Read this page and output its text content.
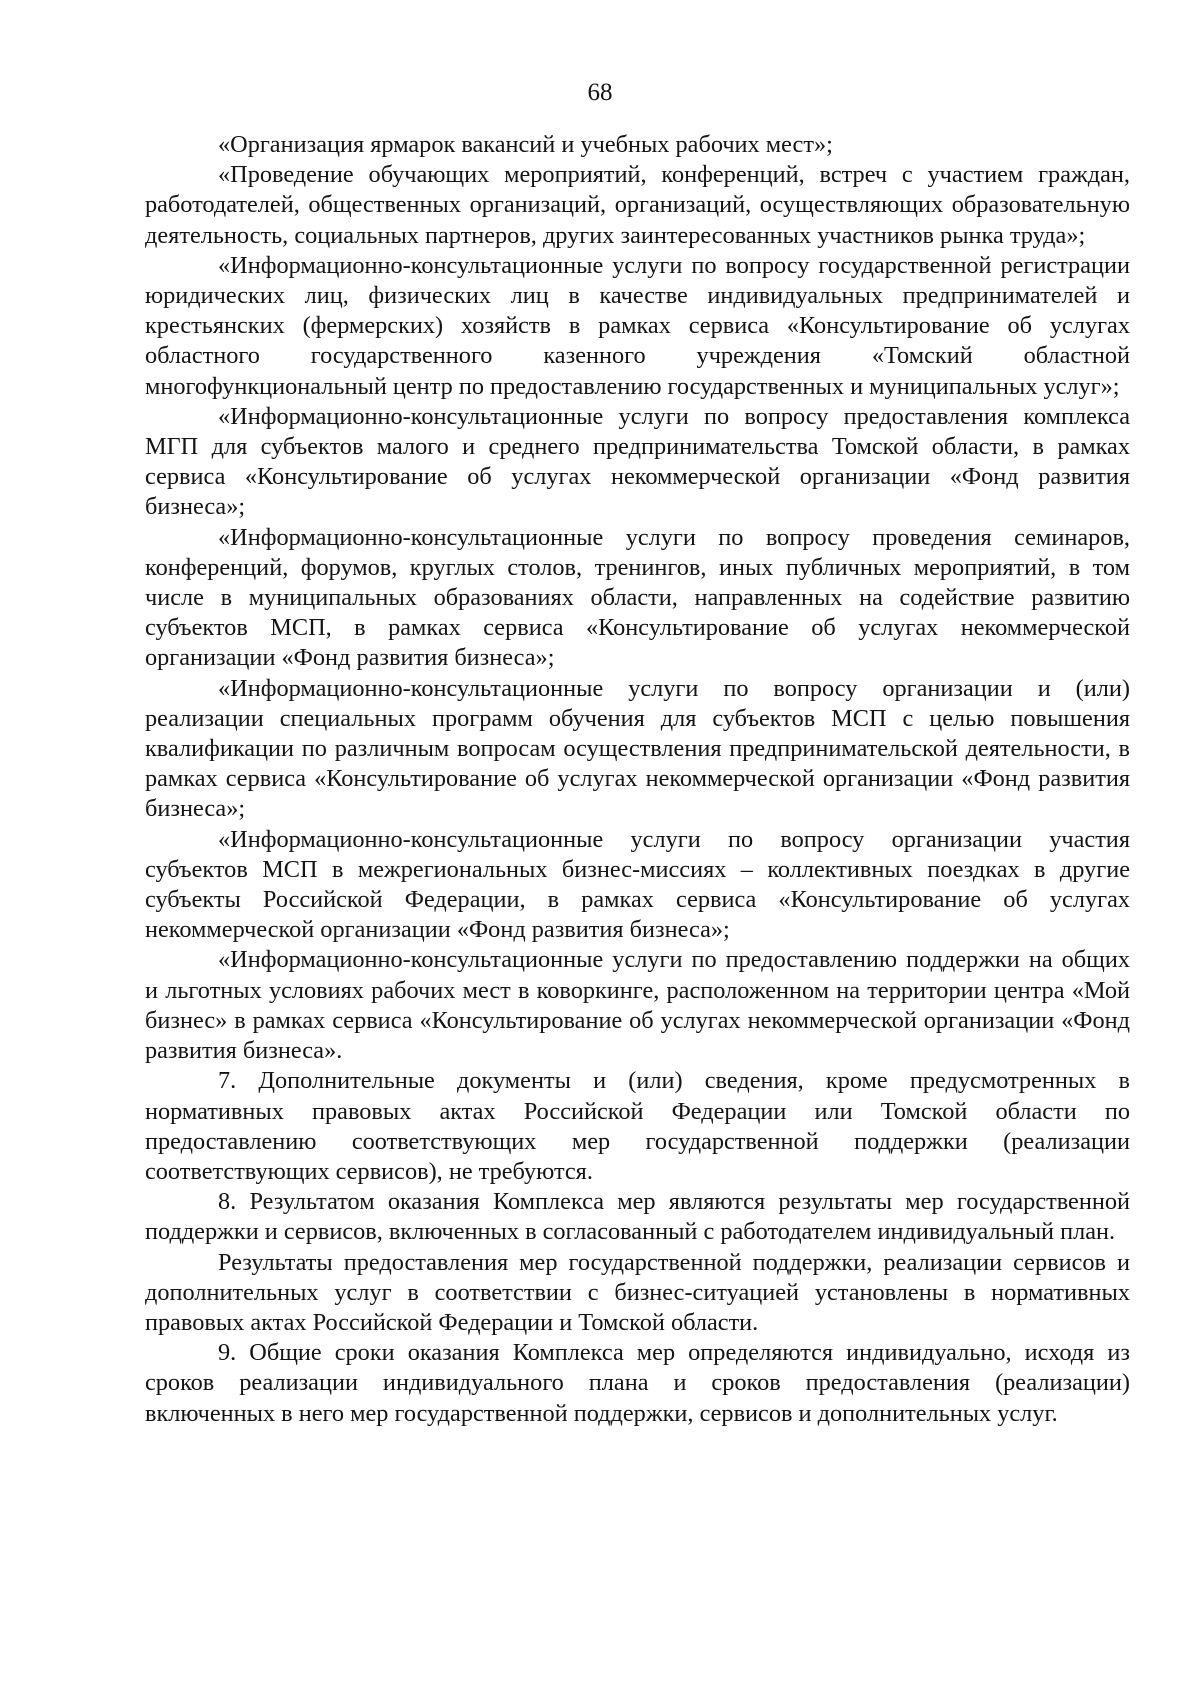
68

«Организация ярмарок вакансий и учебных рабочих мест»;

«Проведение обучающих мероприятий, конференций, встреч с участием граждан, работодателей, общественных организаций, организаций, осуществляющих образовательную деятельность, социальных партнеров, других заинтересованных участников рынка труда»;

«Информационно-консультационные услуги по вопросу государственной регистрации юридических лиц, физических лиц в качестве индивидуальных предпринимателей и крестьянских (фермерских) хозяйств в рамках сервиса «Консультирование об услугах областного государственного казенного учреждения «Томский областной многофункциональный центр по предоставлению государственных и муниципальных услуг»;

«Информационно-консультационные услуги по вопросу предоставления комплекса МГП для субъектов малого и среднего предпринимательства Томской области, в рамках сервиса «Консультирование об услугах некоммерческой организации «Фонд развития бизнеса»;

«Информационно-консультационные услуги по вопросу проведения семинаров, конференций, форумов, круглых столов, тренингов, иных публичных мероприятий, в том числе в муниципальных образованиях области, направленных на содействие развитию субъектов МСП, в рамках сервиса «Консультирование об услугах некоммерческой организации «Фонд развития бизнеса»;

«Информационно-консультационные услуги по вопросу организации и (или) реализации специальных программ обучения для субъектов МСП с целью повышения квалификации по различным вопросам осуществления предпринимательской деятельности, в рамках сервиса «Консультирование об услугах некоммерческой организации «Фонд развития бизнеса»;

«Информационно-консультационные услуги по вопросу организации участия субъектов МСП в межрегиональных бизнес-миссиях – коллективных поездках в другие субъекты Российской Федерации, в рамках сервиса «Консультирование об услугах некоммерческой организации «Фонд развития бизнеса»;

«Информационно-консультационные услуги по предоставлению поддержки на общих и льготных условиях рабочих мест в коворкинге, расположенном на территории центра «Мой бизнес» в рамках сервиса «Консультирование об услугах некоммерческой организации «Фонд развития бизнеса».

7. Дополнительные документы и (или) сведения, кроме предусмотренных в нормативных правовых актах Российской Федерации или Томской области по предоставлению соответствующих мер государственной поддержки (реализации соответствующих сервисов), не требуются.

8. Результатом оказания Комплекса мер являются результаты мер государственной поддержки и сервисов, включенных в согласованный с работодателем индивидуальный план.

Результаты предоставления мер государственной поддержки, реализации сервисов и дополнительных услуг в соответствии с бизнес-ситуацией установлены в нормативных правовых актах Российской Федерации и Томской области.

9. Общие сроки оказания Комплекса мер определяются индивидуально, исходя из сроков реализации индивидуального плана и сроков предоставления (реализации) включенных в него мер государственной поддержки, сервисов и дополнительных услуг.
